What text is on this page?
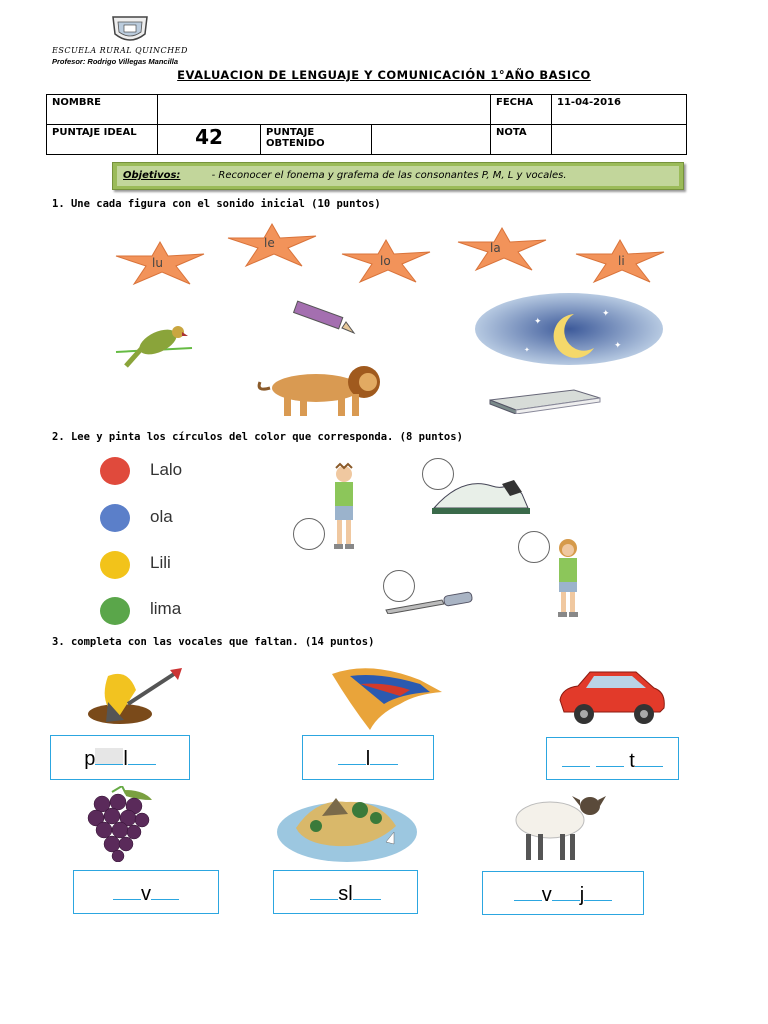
ESCUELA RURAL QUINCHED
Profesor: Rodrigo Villegas Mancilla
EVALUACION DE LENGUAJE Y COMUNICACIÓN 1°AÑO BASICO
NOMBRE				FECHA	11-04-2016
PUNTAJE IDEAL	42	PUNTAJE OBTENIDO		NOTA	
Objetivos:	- Reconocer el fonema y grafema de las consonantes P, M, L y vocales.
1. Une cada figura con el sonido inicial (10 puntos)
lu
le
lo
la
li
✦
✦
✦
✦
2. Lee y pinta los círculos del color que corresponda. (8 puntos)
Lalo
ola
Lili
lima
3. completa con las vocales que faltan. (14 puntos)
p l	l	t
v	sl	v j
